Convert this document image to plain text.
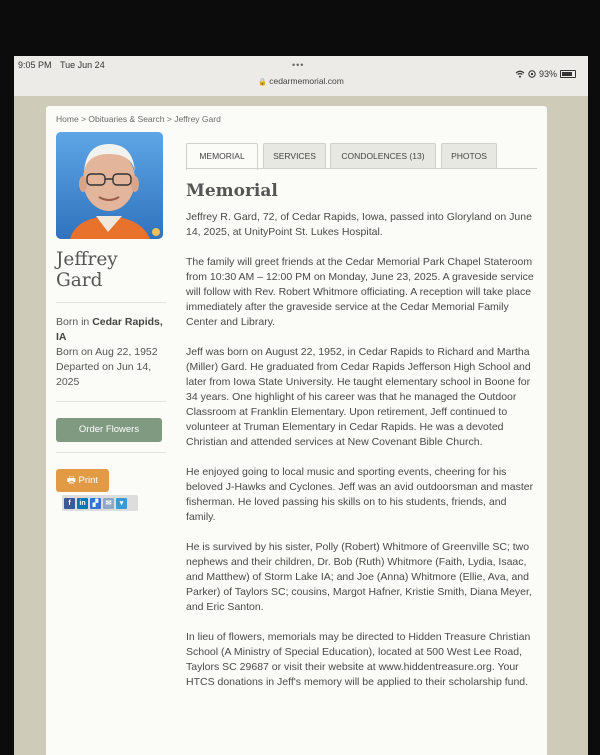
9:05 PM Tue Jun 24	•••
93%
🔒 cedarmemorial.com
Home > Obituaries & Search > Jeffrey Gard
Jeffrey Gard
Born in Cedar Rapids, IA
Born on Aug 22, 1952
Departed on Jun 14, 2025
Order Flowers
🖶 Print
f	in	▞	✉	▾
MEMORIAL	SERVICES	CONDOLENCES (13)	PHOTOS
Memorial

Jeffrey R. Gard, 72, of Cedar Rapids, Iowa, passed into Gloryland on June 14, 2025, at UnityPoint St. Lukes Hospital.

The family will greet friends at the Cedar Memorial Park Chapel Stateroom from 10:30 AM – 12:00 PM on Monday, June 23, 2025. A graveside service will follow with Rev. Robert Whitmore officiating. A reception will take place immediately after the graveside service at the Cedar Memorial Family Center and Library.

Jeff was born on August 22, 1952, in Cedar Rapids to Richard and Martha (Miller) Gard. He graduated from Cedar Rapids Jefferson High School and later from Iowa State University. He taught elementary school in Boone for 34 years. One highlight of his career was that he managed the Outdoor Classroom at Franklin Elementary. Upon retirement, Jeff continued to volunteer at Truman Elementary in Cedar Rapids. He was a devoted Christian and attended services at New Covenant Bible Church.

He enjoyed going to local music and sporting events, cheering for his beloved J-Hawks and Cyclones. Jeff was an avid outdoorsman and master fisherman. He loved passing his skills on to his students, friends, and family.

He is survived by his sister, Polly (Robert) Whitmore of Greenville SC; two nephews and their children, Dr. Bob (Ruth) Whitmore (Faith, Lydia, Isaac, and Matthew) of Storm Lake IA; and Joe (Anna) Whitmore (Ellie, Ava, and Parker) of Taylors SC; cousins, Margot Hafner, Kristie Smith, Diana Meyer, and Eric Santon.

In lieu of flowers, memorials may be directed to Hidden Treasure Christian School (A Ministry of Special Education), located at 500 West Lee Road, Taylors SC 29687 or visit their website at www.hiddentreasure.org. Your HTCS donations in Jeff's memory will be applied to their scholarship fund.
